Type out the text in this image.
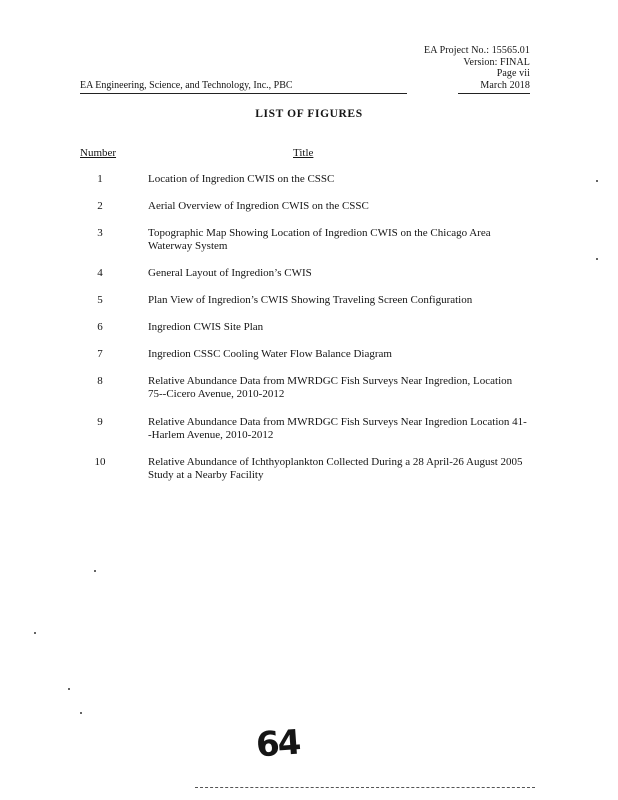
EA Project No.: 15565.01
Version: FINAL
Page vii
March 2018
EA Engineering, Science, and Technology, Inc., PBC
LIST OF FIGURES
Number	Title
1	Location of Ingredion CWIS on the CSSC
2	Aerial Overview of Ingredion CWIS on the CSSC
3	Topographic Map Showing Location of Ingredion CWIS on the Chicago Area Waterway System
4	General Layout of Ingredion’s CWIS
5	Plan View of Ingredion’s CWIS Showing Traveling Screen Configuration
6	Ingredion CWIS Site Plan
7	Ingredion CSSC Cooling Water Flow Balance Diagram
8	Relative Abundance Data from MWRDGC Fish Surveys Near Ingredion, Location 75--Cicero Avenue, 2010-2012
9	Relative Abundance Data from MWRDGC Fish Surveys Near Ingredion Location 41--Harlem Avenue, 2010-2012
10	Relative Abundance of Ichthyoplankton Collected During a 28 April-26 August 2005 Study at a Nearby Facility
64
